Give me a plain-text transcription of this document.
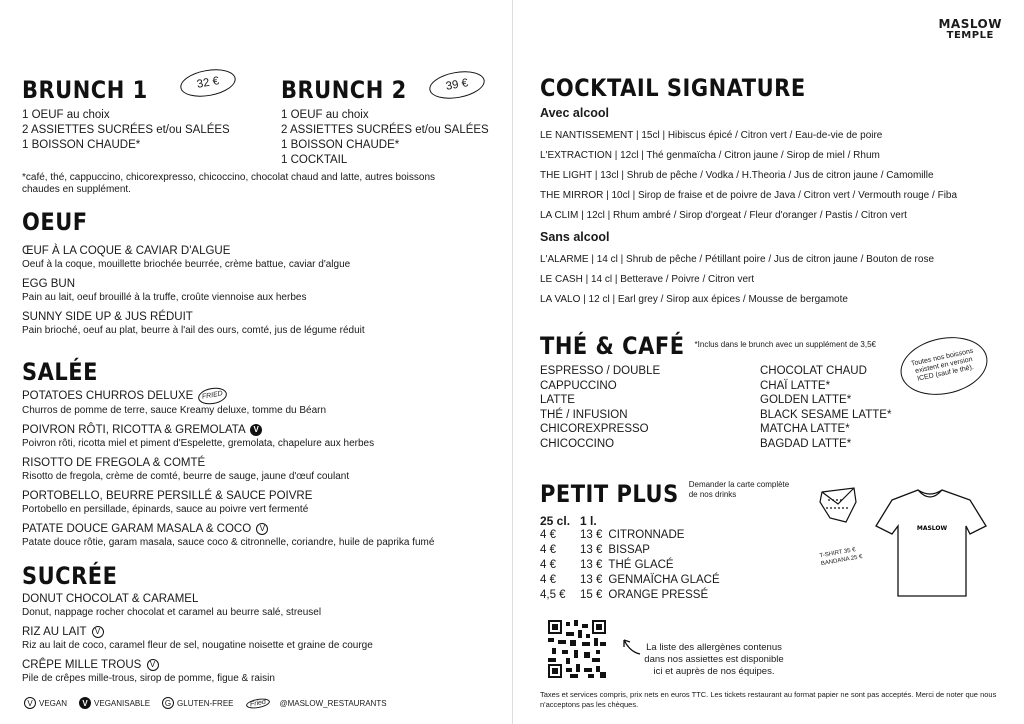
MASLOW
TEMPLE
BRUNCH 1	32 €
1 OEUF au choix
2 ASSIETTES SUCRÉES et/ou SALÉES
1 BOISSON CHAUDE*
BRUNCH 2	39 €
1 OEUF au choix
2 ASSIETTES SUCRÉES et/ou SALÉES
1 BOISSON CHAUDE*
1 COCKTAIL
*café, thé, cappuccino, chicorexpresso, chicoccino, chocolat chaud and latte, autres boissons chaudes en supplément.
OEUF
ŒUF À LA COQUE & CAVIAR D'ALGUE
Oeuf à la coque, mouillette briochée beurrée, crème battue, caviar d'algue
EGG BUN
Pain au lait, oeuf brouillé à la truffe, croûte viennoise aux herbes
SUNNY SIDE UP & JUS RÉDUIT
Pain brioché, oeuf au plat, beurre à l'ail des ours, comté, jus de légume réduit
SALÉE
POTATOES CHURROS DELUXE FRIED
Churros de pomme de terre, sauce Kreamy deluxe, tomme du Béarn
POIVRON RÔTI, RICOTTA & GREMOLATA V
Poivron rôti, ricotta miel et piment d'Espelette, gremolata, chapelure aux herbes
RISOTTO DE FREGOLA & COMTÉ
Risotto de fregola, crème de comté, beurre de sauge, jaune d'œuf coulant
PORTOBELLO, BEURRE PERSILLÉ & SAUCE POIVRE
Portobello en persillade, épinards, sauce au poivre vert fermenté
PATATE DOUCE GARAM MASALA & COCO V
Patate douce rôtie, garam masala, sauce coco & citronnelle, coriandre, huile de paprika fumé
SUCRÉE
DONUT CHOCOLAT & CARAMEL
Donut, nappage rocher chocolat et caramel au beurre salé, streusel
RIZ AU LAIT V
Riz au lait de coco, caramel fleur de sel, nougatine noisette et graine de courge
CRÊPE MILLE TROUS V
Pile de crêpes mille-trous, sirop de pomme, figue & raisin
V VEGAN	V VEGANISABLE	G GLUTEN-FREE	Fried	@MASLOW_RESTAURANTS
COCKTAIL SIGNATURE
Avec alcool
LE NANTISSEMENT | 15cl | Hibiscus épicé / Citron vert / Eau-de-vie de poire
L'EXTRACTION | 12cl | Thé genmaïcha / Citron jaune / Sirop de miel / Rhum
THE LIGHT | 13cl | Shrub de pêche / Vodka / H.Theoria / Jus de citron jaune / Camomille
THE MIRROR | 10cl | Sirop de fraise et de poivre de Java / Citron vert / Vermouth rouge / Fiba
LA CLIM | 12cl | Rhum ambré / Sirop d'orgeat / Fleur d'oranger / Pastis / Citron vert
Sans alcool
L'ALARME | 14 cl | Shrub de pêche / Pétillant poire / Jus de citron jaune / Bouton de rose
LE CASH | 14 cl | Betterave / Poivre / Citron vert
LA VALO | 12 cl | Earl grey / Sirop aux épices / Mousse de bergamote
THÉ & CAFÉ *Inclus dans le brunch avec un supplément de 3,5€
ESPRESSO / DOUBLE	CHOCOLAT CHAUD
CAPPUCCINO	CHAÏ LATTE*
LATTE	GOLDEN LATTE*
THÉ / INFUSION	BLACK SESAME LATTE*
CHICOREXPRESSO	MATCHA LATTE*
CHICOCCINO	BAGDAD LATTE*
Toutes nos boissons existent en version ICED (sauf le thé).
PETIT PLUS Demander la carte complète de nos drinks
25 cl.	1 l.	
4 €	13 €	CITRONNADE
4 €	13 €	BISSAP
4 €	13 €	THÉ GLACÉ
4 €	13 €	GENMAÏCHA GLACÉ
4,5 €	15 €	ORANGE PRESSÉ
MASLOW
T-SHIRT 35 € BANDANA 25 €
La liste des allergènes contenus dans nos assiettes est disponible ici et auprès de nos équipes.
Taxes et services compris, prix nets en euros TTC. Les tickets restaurant au format papier ne sont pas acceptés. Merci de noter que nous n'acceptons pas les chèques.
